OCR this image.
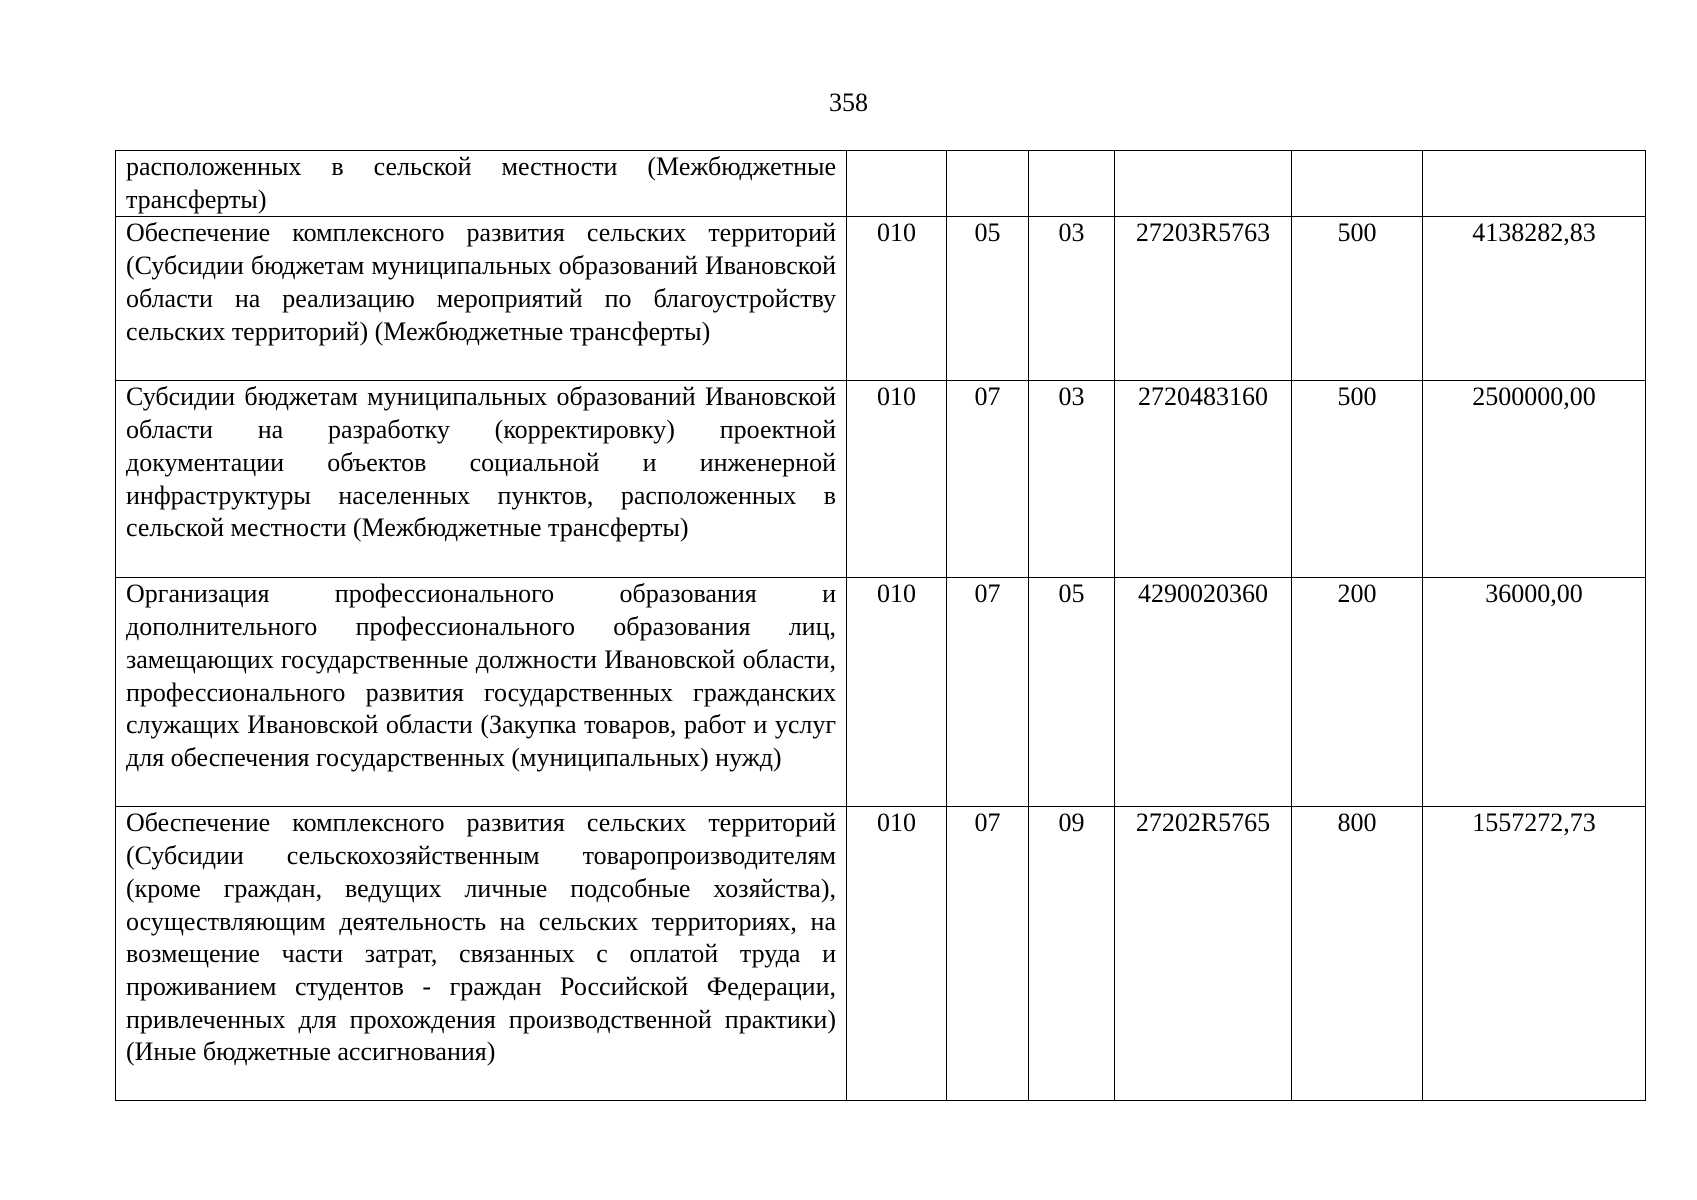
358
расположенных в сельской местности (Межбюджетные трансферты)						
Обеспечение комплексного развития сельских территорий (Субсидии бюджетам муниципальных образований Ивановской области на реализацию мероприятий по благоустройству сельских территорий) (Межбюджетные трансферты)	010	05	03	27203R5763	500	4138282,83
Субсидии бюджетам муниципальных образований Ивановской области на разработку (корректировку) проектной документации объектов социальной и инженерной инфраструктуры населенных пунктов, расположенных в сельской местности (Межбюджетные трансферты)	010	07	03	2720483160	500	2500000,00
Организация профессионального образования и дополнительного профессионального образования лиц, замещающих государственные должности Ивановской области, профессионального развития государственных гражданских служащих Ивановской области (Закупка товаров, работ и услуг для обеспечения государственных (муниципальных) нужд)	010	07	05	4290020360	200	36000,00
Обеспечение комплексного развития сельских территорий (Субсидии сельскохозяйственным товаропроизводителям (кроме граждан, ведущих личные подсобные хозяйства), осуществляющим деятельность на сельских территориях, на возмещение части затрат, связанных с оплатой труда и проживанием студентов - граждан Российской Федерации, привлеченных для прохождения производственной практики) (Иные бюджетные ассигнования)	010	07	09	27202R5765	800	1557272,73
